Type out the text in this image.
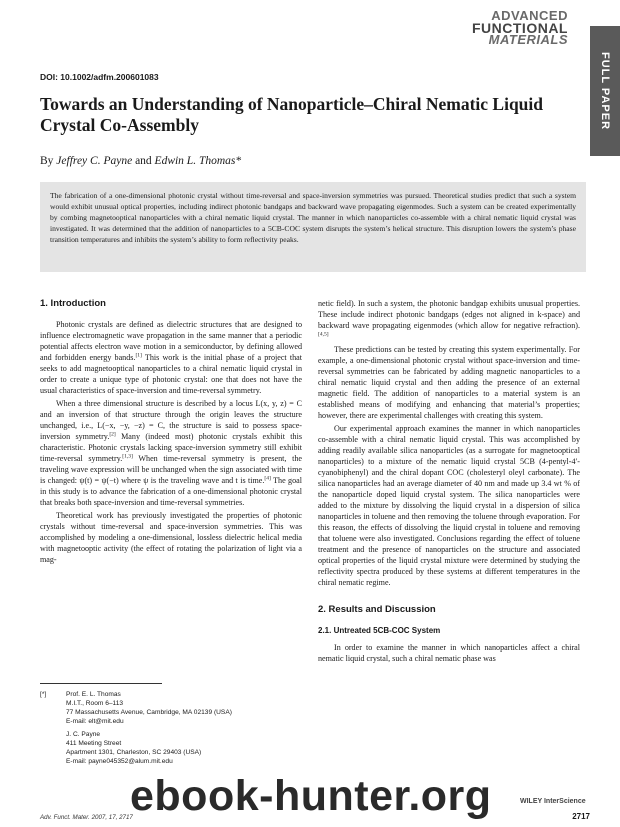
ADVANCED
FUNCTIONAL
MATERIALS
FULL PAPER
DOI: 10.1002/adfm.200601083
Towards an Understanding of Nanoparticle–Chiral Nematic Liquid Crystal Co-Assembly
By Jeffrey C. Payne and Edwin L. Thomas*
The fabrication of a one-dimensional photonic crystal without time-reversal and space-inversion symmetries was pursued. Theoretical studies predict that such a system would exhibit unusual optical properties, including indirect photonic bandgaps and backward wave propagating eigenmodes. Such a system can be created experimentally by combing magnetooptical nanoparticles with a chiral nematic liquid crystal. The manner in which nanoparticles co-assemble with a chiral nematic liquid crystal was investigated. It was determined that the addition of nanoparticles to a 5CB-COC system disrupts the system’s helical structure. This disruption lowers the system’s phase transition temperatures and inhibits the system’s ability to form reflectivity peaks.
1. Introduction

Photonic crystals are defined as dielectric structures that are designed to influence electromagnetic wave propagation in the same manner that a periodic potential affects electron wave motion in a semiconductor, by defining allowed and forbidden energy bands.[1] This work is the initial phase of a project that seeks to add magnetooptical nanoparticles to a chiral nematic liquid crystal in order to create a unique type of photonic crystal: one that does not have the usual characteristics of space-inversion and time-reversal symmetry.

When a three dimensional structure is described by a locus L(x, y, z) = C and an inversion of that structure through the origin leaves the structure unchanged, i.e., L(−x, −y, −z) = C, the structure is said to possess space-inversion symmetry.[2] Many (indeed most) photonic crystals exhibit this characteristic. Photonic crystals lacking space-inversion symmetry still exhibit time-reversal symmetry.[1,3] When time-reversal symmetry is present, the traveling wave expression will be unchanged when the sign associated with time is changed: ψ(t) = ψ(−t) where ψ is the traveling wave and t is time.[4] The goal in this study is to advance the fabrication of a one-dimensional photonic crystal that breaks both space-inversion and time-reversal symmetries.

Theoretical work has previously investigated the properties of photonic crystals without time-reversal and space-inversion symmetries. This was accomplished by modeling a one-dimensional, lossless dielectric helical media with magnetooptic activity (the effect of rotating the polarization of light via a mag-

netic field). In such a system, the photonic bandgap exhibits unusual properties. These include indirect photonic bandgaps (edges not aligned in k-space) and backward wave propagating eigenmodes (which allow for negative refraction).[4,5]

These predictions can be tested by creating this system experimentally. For example, a one-dimensional photonic crystal without space-inversion and time-reversal symmetries can be fabricated by adding magnetic nanoparticles to a chiral nematic liquid crystal and then adding the presence of an external magnetic field. The addition of nanoparticles to a material system is an established means of modifying and enhancing that material’s properties; however, there are experimental challenges with creating this system.

Our experimental approach examines the manner in which nanoparticles co-assemble with a chiral nematic liquid crystal. This was accomplished by adding readily available silica nanoparticles (as a surrogate for magnetooptical nanoparticles) to a mixture of the nematic liquid crystal 5CB (4-pentyl-4′-cyanobiphenyl) and the chiral dopant COC (cholesteryl oleyl carbonate). The silica nanoparticles had an average diameter of 40 nm and made up 3.4 wt % of the nanoparticle doped liquid crystal system. The silica nanoparticles were added to the mixture by dissolving the liquid crystal in a dispersion of silica nanoparticles in toluene and then removing the toluene through evaporation. For this reason, the effects of dissolving the liquid crystal in toluene and removing that toluene were also investigated. Conclusions regarding the effect of toluene treatment and the presence of nanoparticles on the structure and associated optical properties of the liquid crystal mixture were determined by studying the reflectivity spectra produced by these systems at different temperatures in the chiral nematic regime.

2. Results and Discussion
2.1. Untreated 5CB-COC System

In order to examine the manner in which nanoparticles affect a chiral nematic liquid crystal, such a chiral nematic phase was

[*]	Prof. E. L. Thomas
M.I.T., Room 6–113
77 Massachusetts Avenue, Cambridge, MA 02139 (USA)
E-mail: elt@mit.edu
J. C. Payne
411 Meeting Street
Apartment 1301, Charleston, SC 29403 (USA)
E-mail: payne045352@alum.mit.edu
Adv. Funct. Mater. 2007, 17, 2717
WILEY InterScience
2717
ebook-hunter.org
